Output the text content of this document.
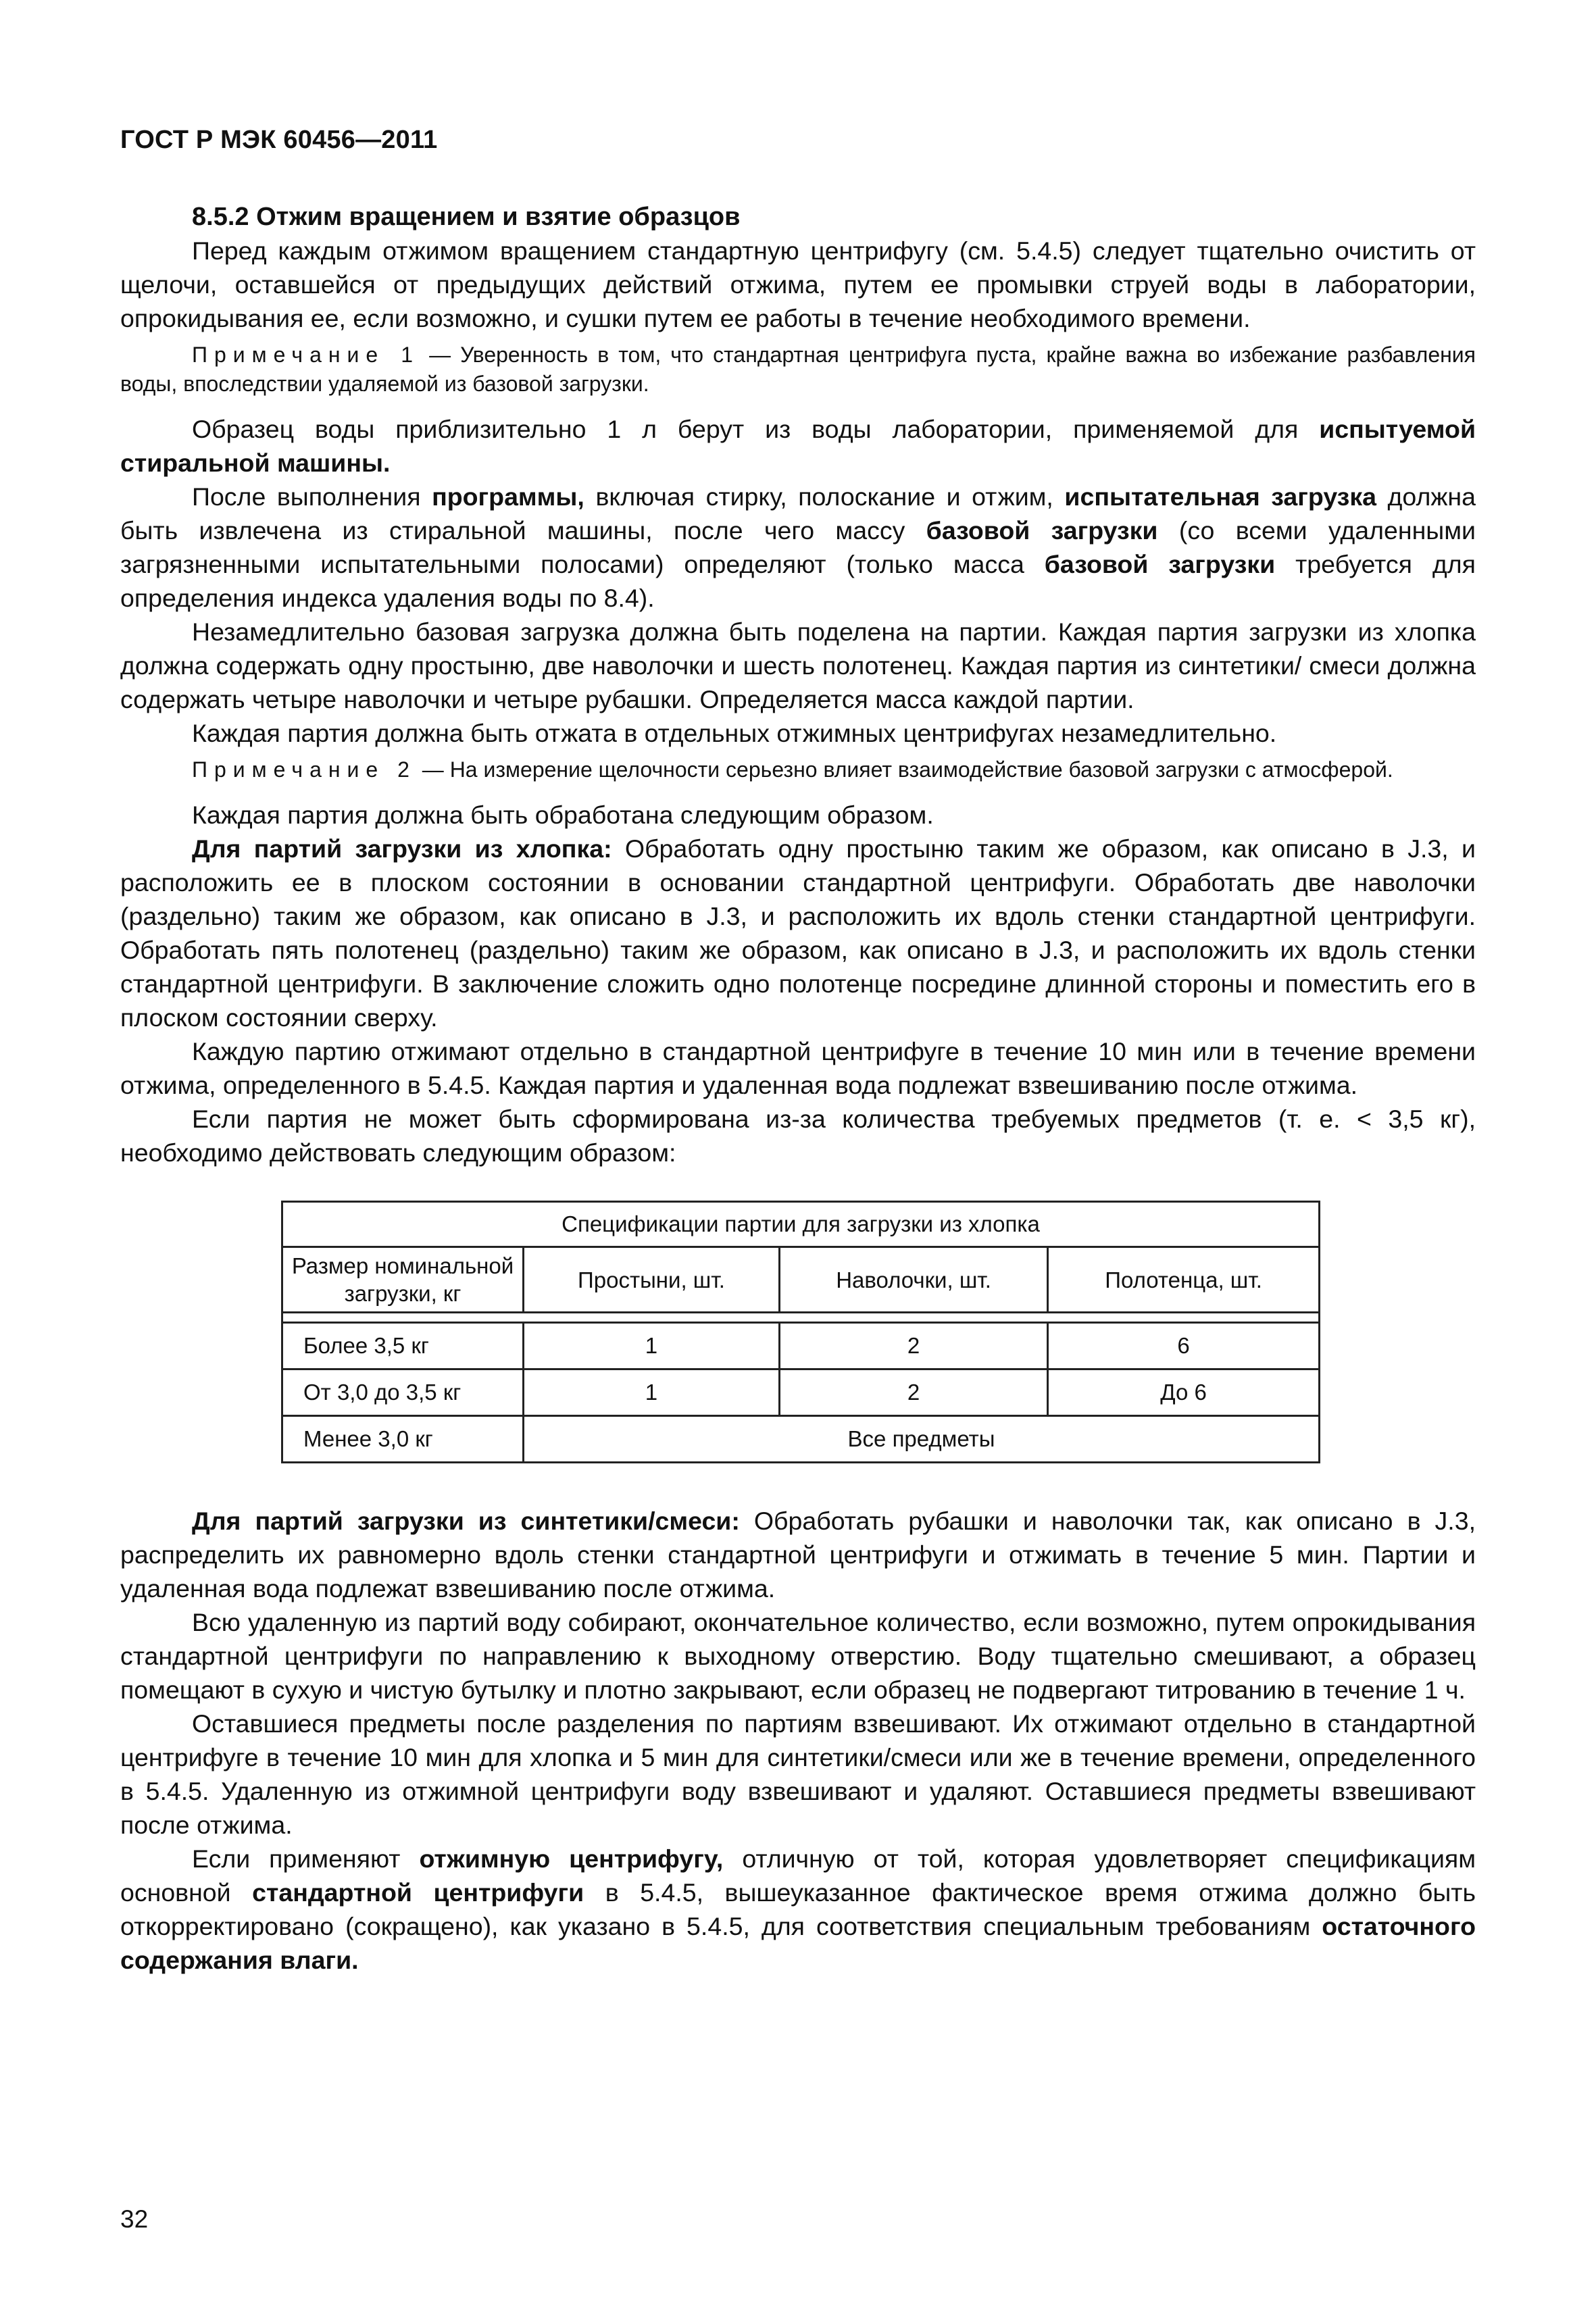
ГОСТ Р МЭК 60456—2011
8.5.2 Отжим вращением и взятие образцов

Перед каждым отжимом вращением стандартную центрифугу (см. 5.4.5) следует тщательно очистить от щелочи, оставшейся от предыдущих действий отжима, путем ее промывки струей воды в лаборатории, опрокидывания ее, если возможно, и сушки путем ее работы в течение необходимого времени.

Примечание 1 — Уверенность в том, что стандартная центрифуга пуста, крайне важна во избежание разбавления воды, впоследствии удаляемой из базовой загрузки.

Образец воды приблизительно 1 л берут из воды лаборатории, применяемой для испытуемой стиральной машины.

После выполнения программы, включая стирку, полоскание и отжим, испытательная загрузка должна быть извлечена из стиральной машины, после чего массу базовой загрузки (со всеми удаленными загрязненными испытательными полосами) определяют (только масса базовой загрузки требуется для определения индекса удаления воды по 8.4).

Незамедлительно базовая загрузка должна быть поделена на партии. Каждая партия загрузки из хлопка должна содержать одну простыню, две наволочки и шесть полотенец. Каждая партия из синтетики/ смеси должна содержать четыре наволочки и четыре рубашки. Определяется масса каждой партии.

Каждая партия должна быть отжата в отдельных отжимных центрифугах незамедлительно.

Примечание 2 — На измерение щелочности серьезно влияет взаимодействие базовой загрузки с атмосферой.

Каждая партия должна быть обработана следующим образом.

Для партий загрузки из хлопка: Обработать одну простыню таким же образом, как описано в J.3, и расположить ее в плоском состоянии в основании стандартной центрифуги. Обработать две наволочки (раздельно) таким же образом, как описано в J.3, и расположить их вдоль стенки стандартной центрифуги. Обработать пять полотенец (раздельно) таким же образом, как описано в J.3, и расположить их вдоль стенки стандартной центрифуги. В заключение сложить одно полотенце посредине длинной стороны и поместить его в плоском состоянии сверху.

Каждую партию отжимают отдельно в стандартной центрифуге в течение 10 мин или в течение времени отжима, определенного в 5.4.5. Каждая партия и удаленная вода подлежат взвешиванию после отжима.

Если партия не может быть сформирована из-за количества требуемых предметов (т. е. < 3,5 кг), необходимо действовать следующим образом:

Спецификации партии для загрузки из хлопка			
Размер номинальной загрузки, кг	Простыни, шт.	Наволочки, шт.	Полотенца, шт.

Более 3,5 кг	1	2	6
От 3,0 до 3,5 кг	1	2	До 6
Менее 3,0 кг	Все предметы		

Для партий загрузки из синтетики/смеси: Обработать рубашки и наволочки так, как описано в J.3, распределить их равномерно вдоль стенки стандартной центрифуги и отжимать в течение 5 мин. Партии и удаленная вода подлежат взвешиванию после отжима.

Всю удаленную из партий воду собирают, окончательное количество, если возможно, путем опрокидывания стандартной центрифуги по направлению к выходному отверстию. Воду тщательно смешивают, а образец помещают в сухую и чистую бутылку и плотно закрывают, если образец не подвергают титрованию в течение 1 ч.

Оставшиеся предметы после разделения по партиям взвешивают. Их отжимают отдельно в стандартной центрифуге в течение 10 мин для хлопка и 5 мин для синтетики/смеси или же в течение времени, определенного в 5.4.5. Удаленную из отжимной центрифуги воду взвешивают и удаляют. Оставшиеся предметы взвешивают после отжима.

Если применяют отжимную центрифугу, отличную от той, которая удовлетворяет спецификациям основной стандартной центрифуги в 5.4.5, вышеуказанное фактическое время отжима должно быть откорректировано (сокращено), как указано в 5.4.5, для соответствия специальным требованиям остаточного содержания влаги.

32
